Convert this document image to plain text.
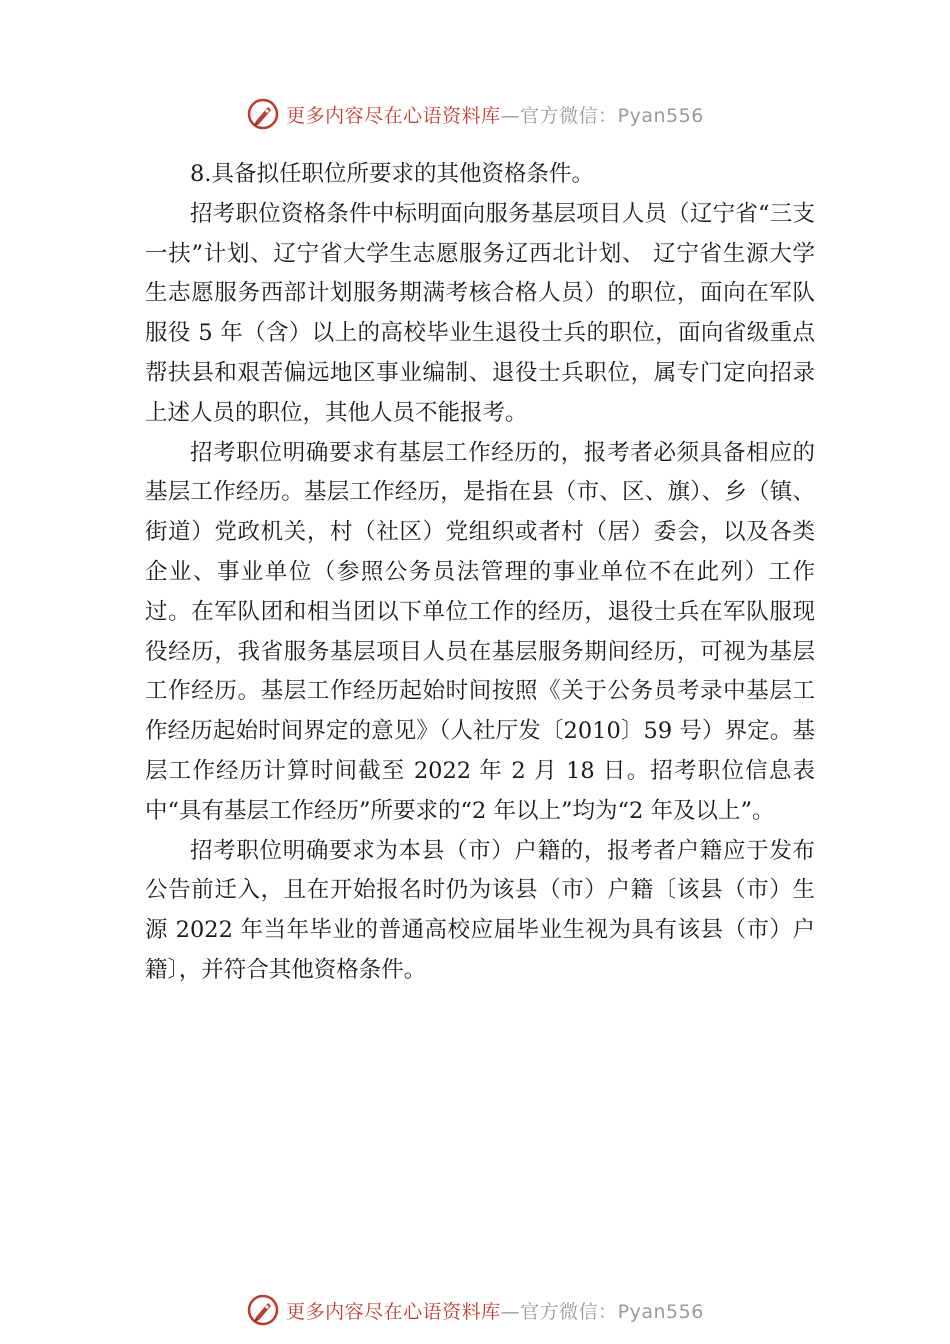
更多内容尽在心语资料库 —官方微信：Pyan556

8.具备拟任职位所要求的其他资格条件。

招考职位资格条件中标明面向服务基层项目人员（辽宁省“三支一扶”计划、辽宁省大学生志愿服务辽西北计划、 辽宁省生源大学生志愿服务西部计划服务期满考核合格人员）的职位，面向在军队服役 5 年（含）以上的高校毕业生退役士兵的职位，面向省级重点帮扶县和艰苦偏远地区事业编制、退役士兵职位，属专门定向招录上述人员的职位，其他人员不能报考。

招考职位明确要求有基层工作经历的，报考者必须具备相应的基层工作经历。基层工作经历，是指在县（市、区、旗）、乡（镇、街道）党政机关，村（社区）党组织或者村（居）委会，以及各类企业、事业单位（参照公务员法管理的事业单位不在此列）工作过。在军队团和相当团以下单位工作的经历，退役士兵在军队服现役经历，我省服务基层项目人员在基层服务期间经历，可视为基层工作经历。基层工作经历起始时间按照《关于公务员考录中基层工作经历起始时间界定的意见》（人社厅发〔2010〕59 号）界定。基层工作经历计算时间截至 2022 年 2 月 18 日。招考职位信息表中“具有基层工作经历”所要求的“2 年以上”均为“2 年及以上”。

招考职位明确要求为本县（市）户籍的，报考者户籍应于发布公告前迁入，且在开始报名时仍为该县（市）户籍〔该县（市）生源 2022 年当年毕业的普通高校应届毕业生视为具有该县（市）户籍〕，并符合其他资格条件。

更多内容尽在心语资料库 —官方微信：Pyan556
